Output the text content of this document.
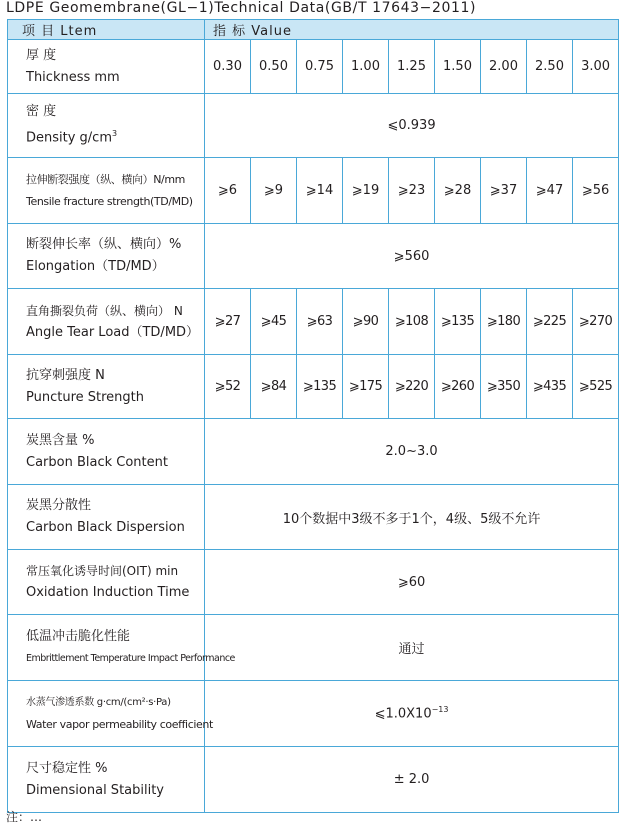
LDPE Geomembrane(GL−1)Technical Data(GB/T 17643−2011)
项 目 Ltem	指 标 Value								

厚 度
Thickness mm	0.30	0.50	0.75	1.00	1.25	1.50	2.00	2.50	3.00

密 度
Density $g/cm^3$	⩽0.939								

拉伸断裂强度（纵、横向）N/mm
Tensile fracture strength(TD/MD)	⩾6	⩾9	⩾14	⩾19	⩾23	⩾28	⩾37	⩾47	⩾56

断裂伸长率（纵、横向）%
Elongation（TD/MD）	⩾560								

直角撕裂负荷（纵、横向） N
Angle Tear Load（TD/MD）	⩾27	⩾45	⩾63	⩾90	⩾108	⩾135	⩾180	⩾225	⩾270

抗穿刺强度 N
Puncture Strength	⩾52	⩾84	⩾135	⩾175	⩾220	⩾260	⩾350	⩾435	⩾525

炭黑含量 %
Carbon Black Content	2.0~3.0								

炭黑分散性
Carbon Black Dispersion	10个数据中3级不多于1个，4级、5级不允许								

常压氧化诱导时间(OIT) min
Oxidation Induction Time	⩾60								

低温冲击脆化性能
Embrittlement Temperature Impact Performance	通过								

水蒸气渗透系数 g·cm/(cm²·s·Pa)
Water vapor permeability coefficient	$⩽1.0X10^{-13}$

尺寸稳定性 %
Dimensional Stability	± 2.0								
注：…
